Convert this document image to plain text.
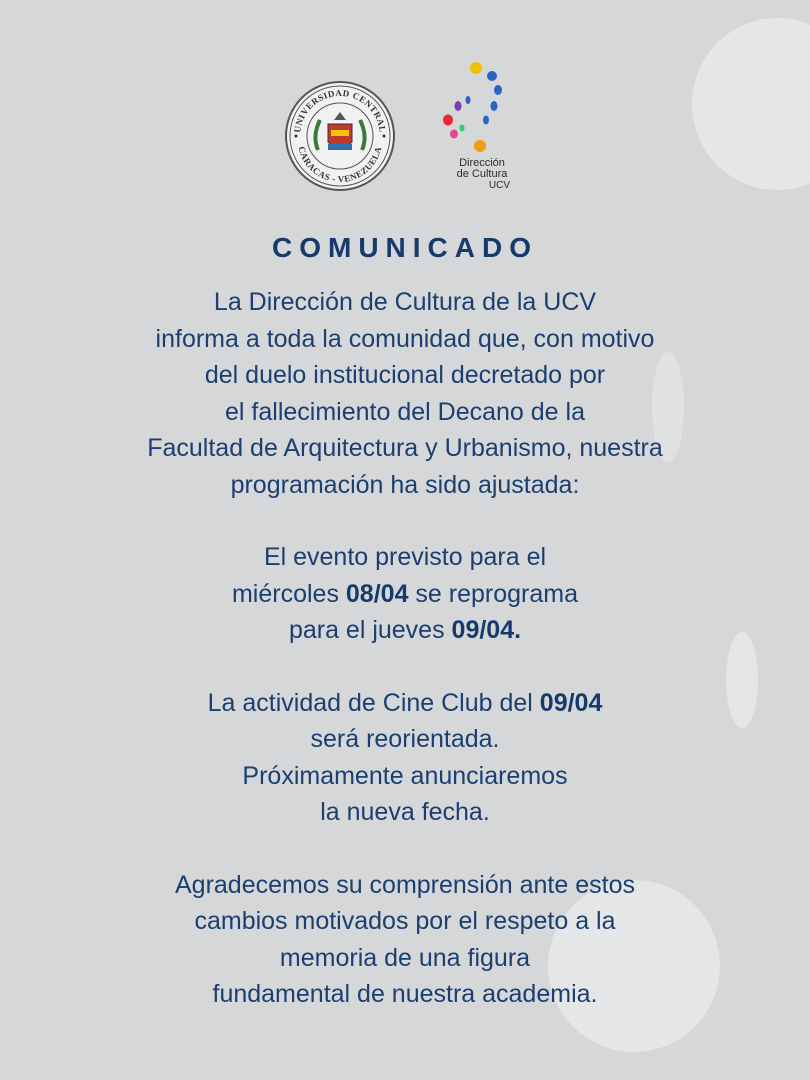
UNIVERSIDAD CENTRAL
CARACAS - VENEZUELA
Dirección
de Cultura
UCV
COMUNICADO
La Dirección de Cultura de la UCV
informa a toda la comunidad que, con motivo
del duelo institucional decretado por
el fallecimiento del Decano de la
Facultad de Arquitectura y Urbanismo, nuestra
programación ha sido ajustada:
El evento previsto para el
miércoles 08/04 se reprograma
para el jueves 09/04.
La actividad de Cine Club del 09/04
será reorientada.
Próximamente anunciaremos
la nueva fecha.
Agradecemos su comprensión ante estos
cambios motivados por el respeto a la
memoria de una figura
fundamental de nuestra academia.
